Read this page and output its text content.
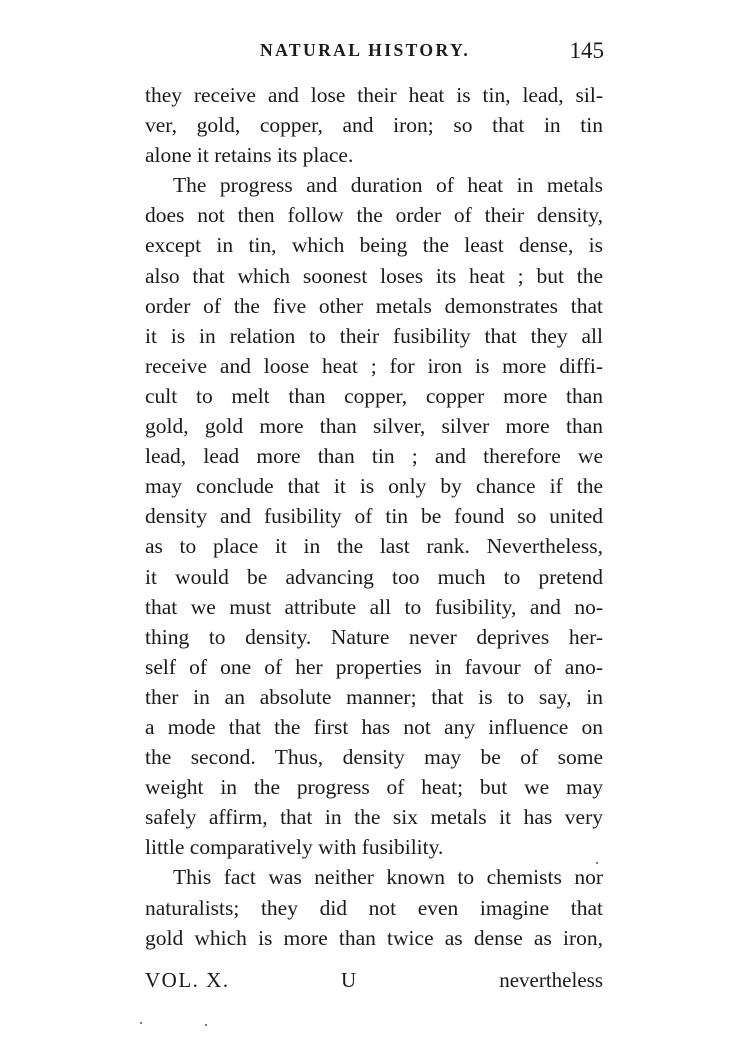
NATURAL HISTORY.	145
they receive and lose their heat is tin, lead, sil-
ver, gold, copper, and iron; so that in tin
alone it retains its place.
The progress and duration of heat in metals
does not then follow the order of their density,
except in tin, which being the least dense, is
also that which soonest loses its heat ; but the
order of the five other metals demonstrates that
it is in relation to their fusibility that they all
receive and loose heat ; for iron is more diffi-
cult to melt than copper, copper more than
gold, gold more than silver, silver more than
lead, lead more than tin ; and therefore we
may conclude that it is only by chance if the
density and fusibility of tin be found so united
as to place it in the last rank. Nevertheless,
it would be advancing too much to pretend
that we must attribute all to fusibility, and no-
thing to density. Nature never deprives her-
self of one of her properties in favour of ano-
ther in an absolute manner; that is to say, in
a mode that the first has not any influence on
the second. Thus, density may be of some
weight in the progress of heat; but we may
safely affirm, that in the six metals it has very
little comparatively with fusibility.
This fact was neither known to chemists nor
naturalists; they did not even imagine that
gold which is more than twice as dense as iron,
VOL. X.	U	nevertheless
